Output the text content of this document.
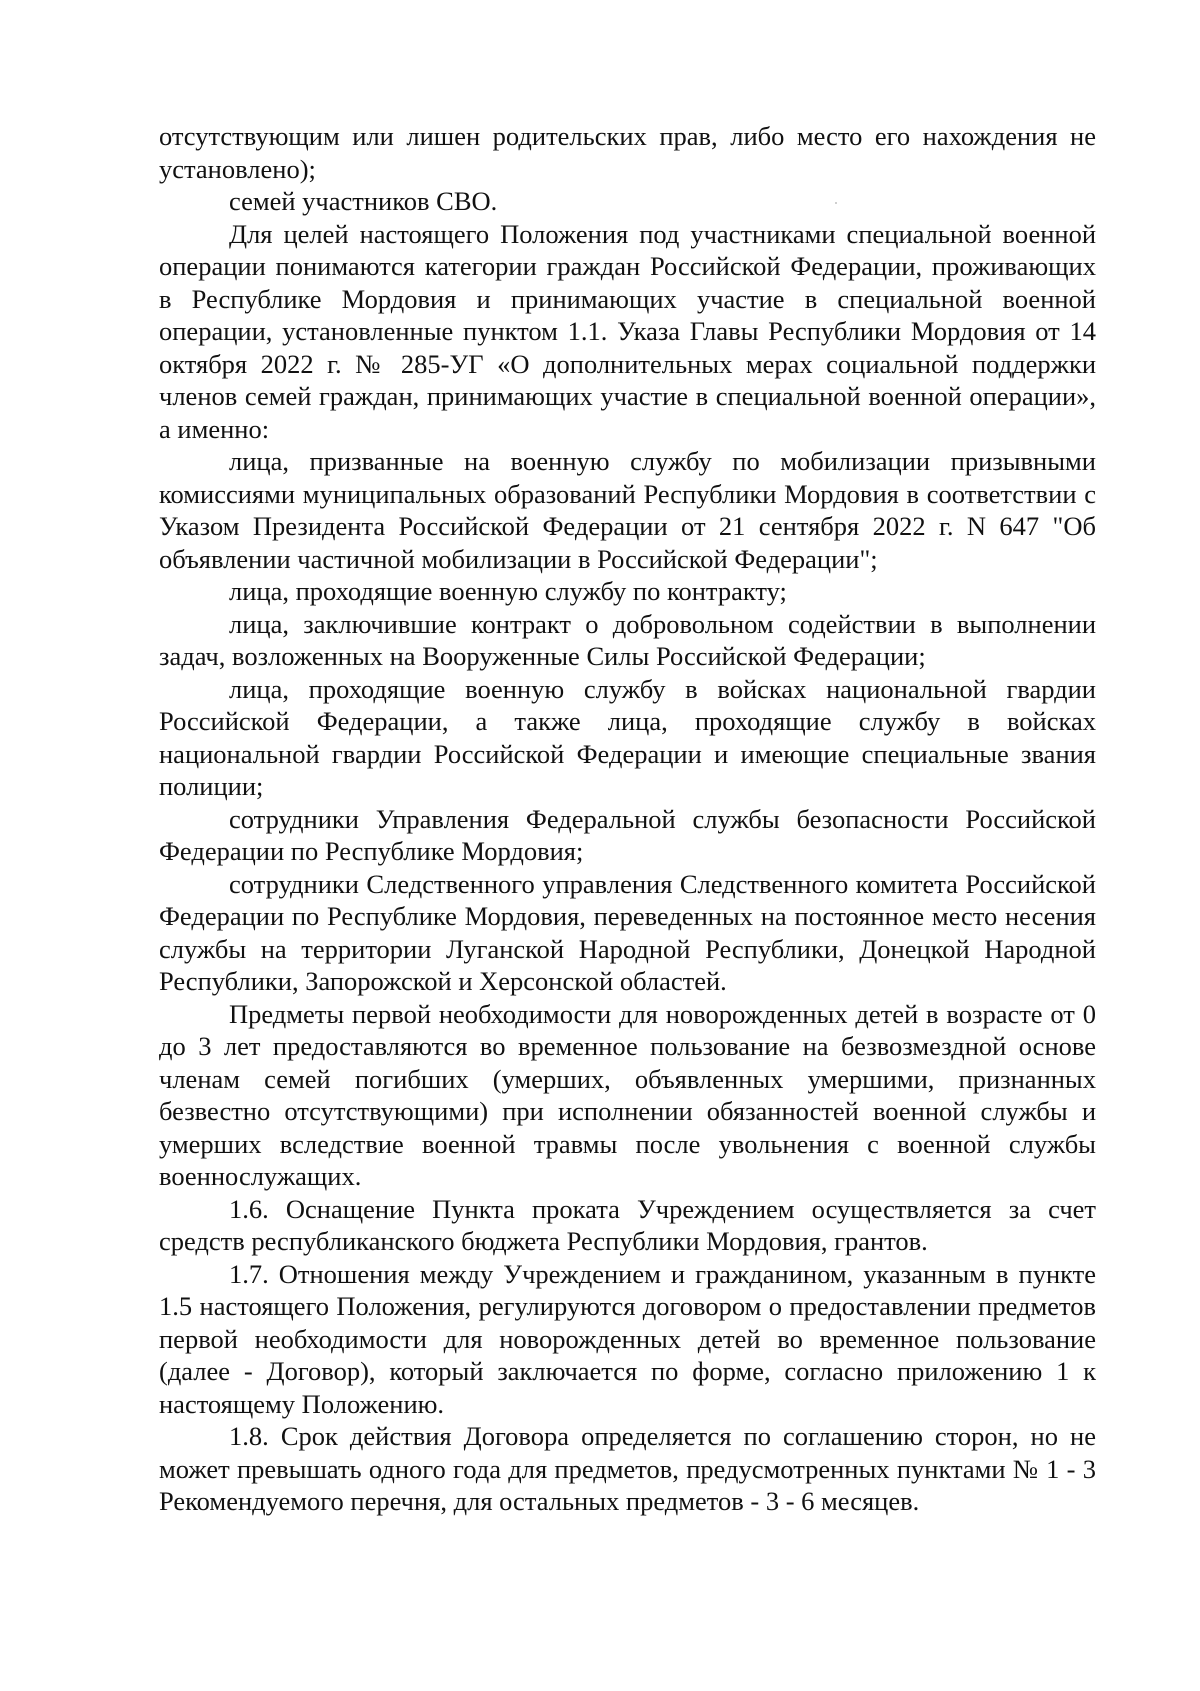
отсутствующим или лишен родительских прав, либо место его нахождения не установлено);

семей участников СВО.

Для целей настоящего Положения под участниками специальной военной операции понимаются категории граждан Российской Федерации, проживающих в Республике Мордовия и принимающих участие в специальной военной операции, установленные пунктом 1.1. Указа Главы Республики Мордовия от 14 октября 2022 г. № 285-УГ «О дополнительных мерах социальной поддержки членов семей граждан, принимающих участие в специальной военной операции», а именно:

лица, призванные на военную службу по мобилизации призывными комиссиями муниципальных образований Республики Мордовия в соответствии с Указом Президента Российской Федерации от 21 сентября 2022 г. N 647 "Об объявлении частичной мобилизации в Российской Федерации";

лица, проходящие военную службу по контракту;

лица, заключившие контракт о добровольном содействии в выполнении задач, возложенных на Вооруженные Силы Российской Федерации;

лица, проходящие военную службу в войсках национальной гвардии Российской Федерации, а также лица, проходящие службу в войсках национальной гвардии Российской Федерации и имеющие специальные звания полиции;

сотрудники Управления Федеральной службы безопасности Российской Федерации по Республике Мордовия;

сотрудники Следственного управления Следственного комитета Российской Федерации по Республике Мордовия, переведенных на постоянное место несения службы на территории Луганской Народной Республики, Донецкой Народной Республики, Запорожской и Херсонской областей.

Предметы первой необходимости для новорожденных детей в возрасте от 0 до 3 лет предоставляются во временное пользование на безвозмездной основе членам семей погибших (умерших, объявленных умершими, признанных безвестно отсутствующими) при исполнении обязанностей военной службы и умерших вследствие военной травмы после увольнения с военной службы военнослужащих.

1.6. Оснащение Пункта проката Учреждением осуществляется за счет средств республиканского бюджета Республики Мордовия, грантов.

1.7. Отношения между Учреждением и гражданином, указанным в пункте 1.5 настоящего Положения, регулируются договором о предоставлении предметов первой необходимости для новорожденных детей во временное пользование (далее - Договор), который заключается по форме, согласно приложению 1 к настоящему Положению.

1.8. Срок действия Договора определяется по соглашению сторон, но не может превышать одного года для предметов, предусмотренных пунктами № 1 - 3 Рекомендуемого перечня, для остальных предметов - 3 - 6 месяцев.
